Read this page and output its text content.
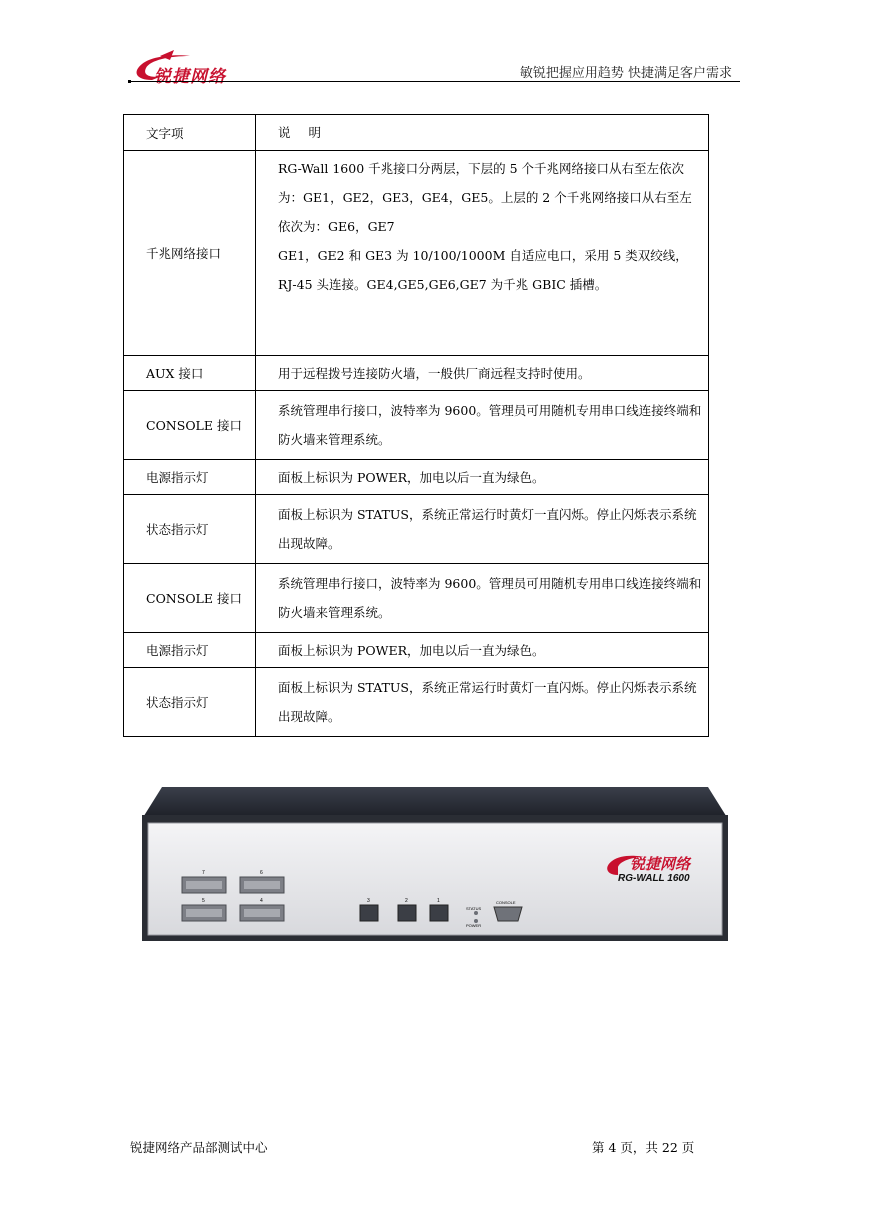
锐捷网络	敏锐把握应用趋势 快捷满足客户需求
文字项	说 明
千兆网络接口	RG-Wall 1600 千兆接口分两层，下层的 5 个千兆网络接口从右至左依次为：GE1，GE2，GE3，GE4，GE5。上层的 2 个千兆网络接口从右至左依次为：GE6，GE7
GE1，GE2 和 GE3 为 10/100/1000M 自适应电口，采用 5 类双绞线，RJ-45 头连接。GE4,GE5,GE6,GE7 为千兆 GBIC 插槽。

AUX 接口	用于远程拨号连接防火墙，一般供厂商远程支持时使用。
CONSOLE 接口	系统管理串行接口，波特率为 9600。管理员可用随机专用串口线连接终端和防火墙来管理系统。
电源指示灯	面板上标识为 POWER，加电以后一直为绿色。
状态指示灯	面板上标识为 STATUS，系统正常运行时黄灯一直闪烁。停止闪烁表示系统出现故障。
CONSOLE 接口	系统管理串行接口，波特率为 9600。管理员可用随机专用串口线连接终端和防火墙来管理系统。
电源指示灯	面板上标识为 POWER，加电以后一直为绿色。
状态指示灯	面板上标识为 STATUS，系统正常运行时黄灯一直闪烁。停止闪烁表示系统出现故障。
锐捷网络
RG-WALL 1600
7	6
5	4	3	2	1
STATUS
POWER
CONSOLE
锐捷网络产品部测试中心	第 4 页，共 22 页
